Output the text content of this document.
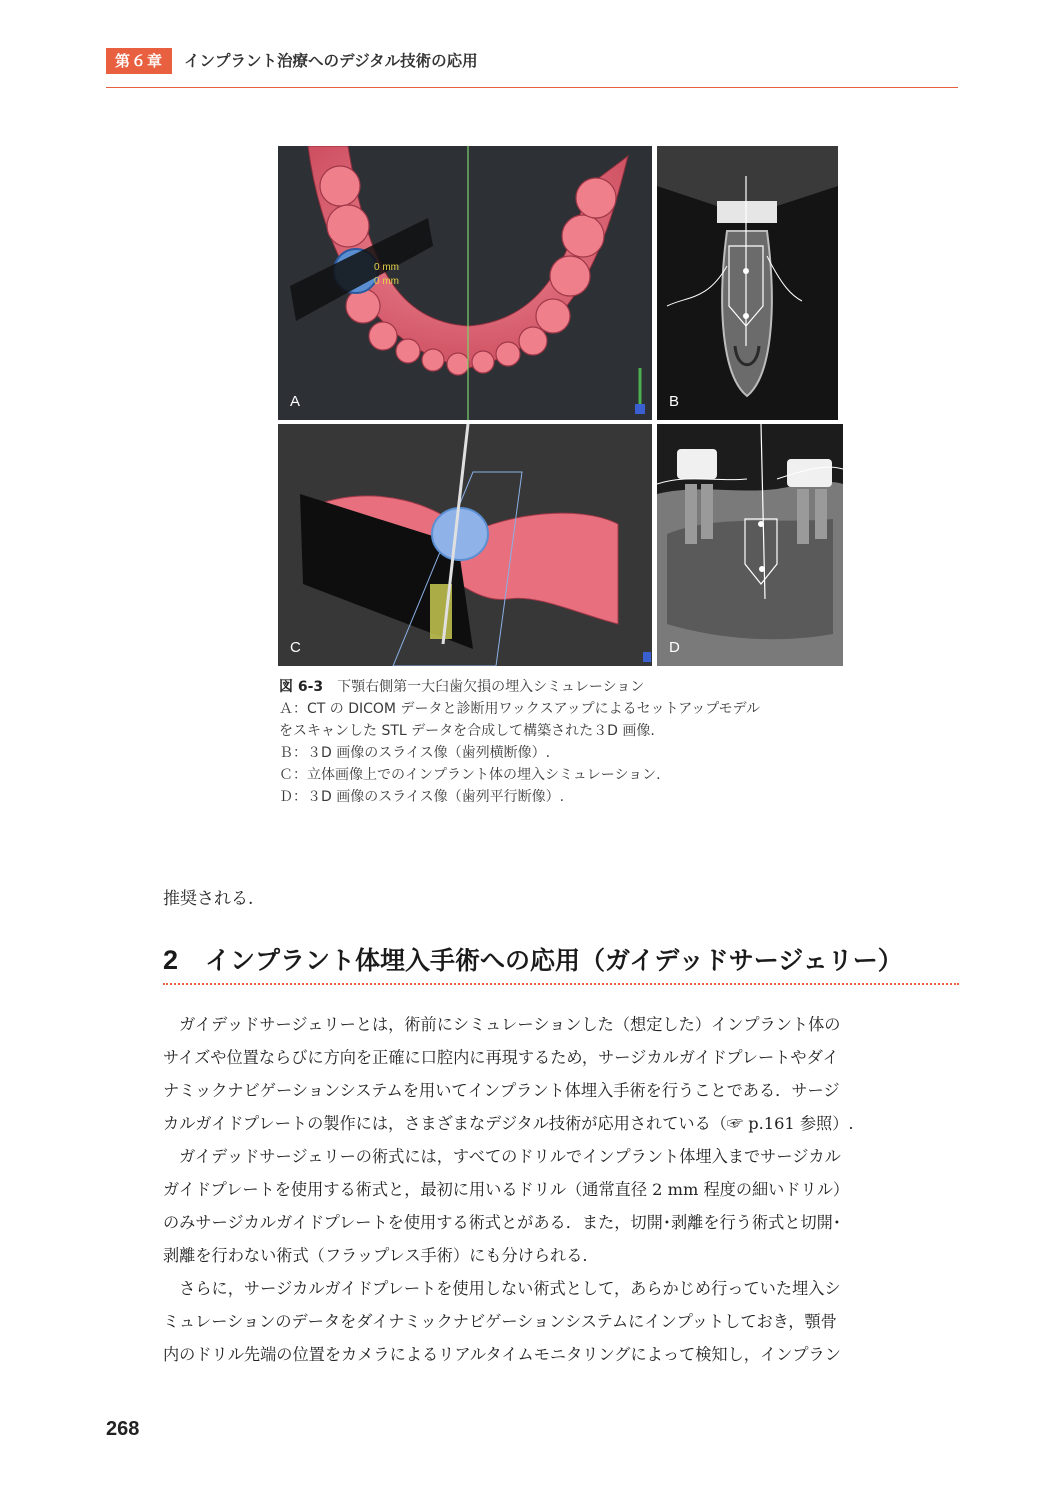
第６章	インプラント治療へのデジタル技術の応用
0 mm
0 mm
A	B
C	D
図 6-3 下顎右側第一大臼歯欠損の埋入シミュレーション
Ａ：CT の DICOM データと診断用ワックスアップによるセットアップモデル
をスキャンした STL データを合成して構築された３D 画像.
Ｂ：３D 画像のスライス像（歯列横断像）.
Ｃ：立体画像上でのインプラント体の埋入シミュレーション.
Ｄ：３D 画像のスライス像（歯列平行断像）.
推奨される.
2 インプラント体埋入手術への応用（ガイデッドサージェリー）
　ガイデッドサージェリーとは，術前にシミュレーションした（想定した）インプラント体の
サイズや位置ならびに方向を正確に口腔内に再現するため，サージカルガイドプレートやダイ
ナミックナビゲーションシステムを用いてインプラント体埋入手術を行うことである．サージ
カルガイドプレートの製作には，さまざまなデジタル技術が応用されている（☞ p.161 参照）.
　ガイデッドサージェリーの術式には，すべてのドリルでインプラント体埋入までサージカル
ガイドプレートを使用する術式と，最初に用いるドリル（通常直径 2 mm 程度の細いドリル）
のみサージカルガイドプレートを使用する術式とがある．また，切開･剥離を行う術式と切開･
剥離を行わない術式（フラップレス手術）にも分けられる.
　さらに，サージカルガイドプレートを使用しない術式として，あらかじめ行っていた埋入シ
ミュレーションのデータをダイナミックナビゲーションシステムにインプットしておき，顎骨
内のドリル先端の位置をカメラによるリアルタイムモニタリングによって検知し，インプラン
268
